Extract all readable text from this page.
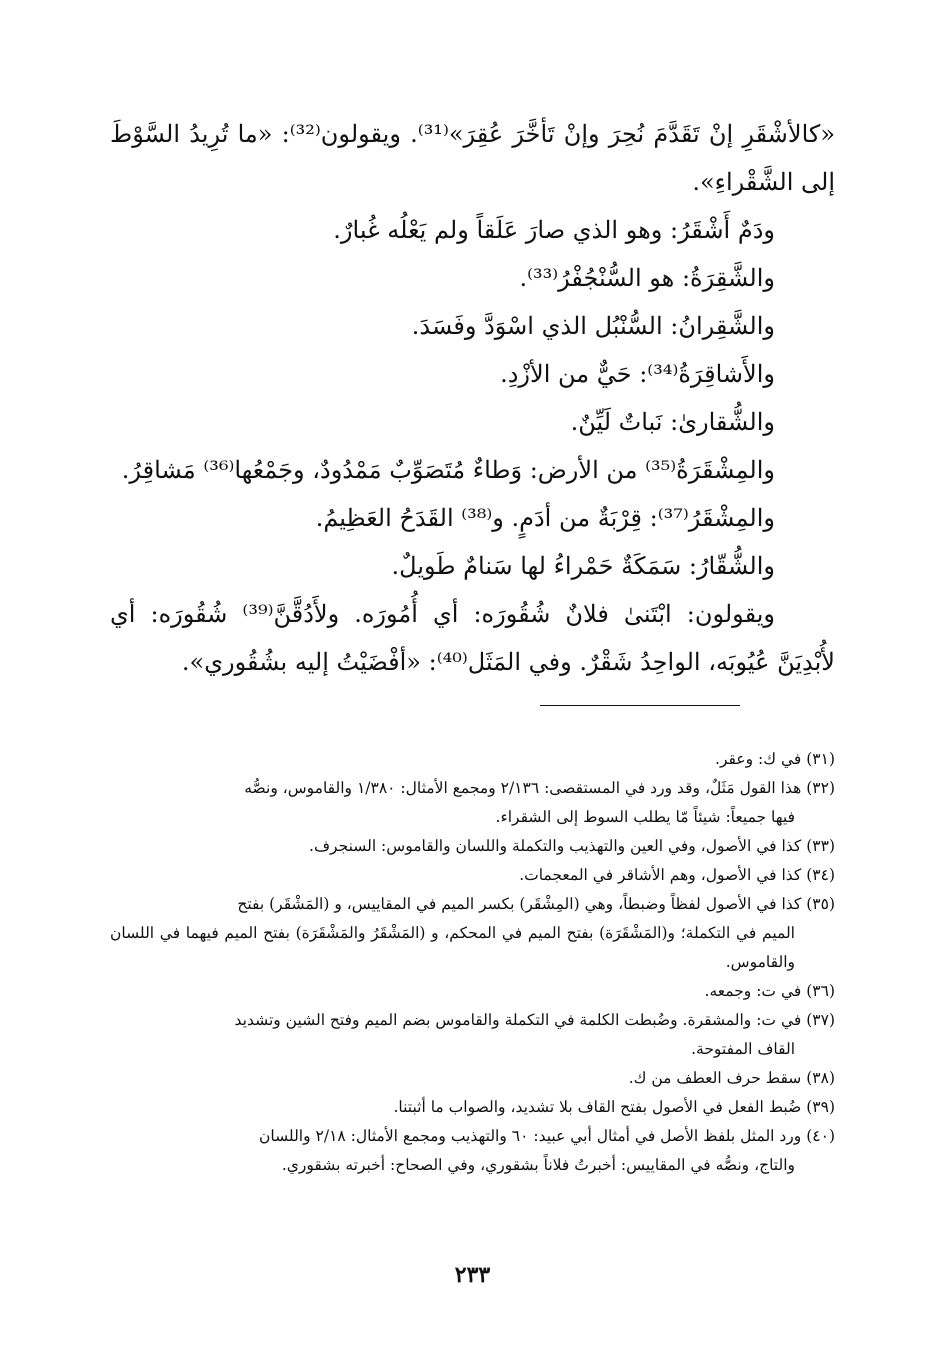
«كالأشْقَرِ إنْ تَقَدَّمَ نُحِرَ وإنْ تَأخَّرَ عُقِرَ»⁽³¹⁾. ويقولون⁽³²⁾: «ما تُرِيدُ السَّوْطَ إلى الشَّقْراءِ».

ودَمٌ أَشْقَرُ: وهو الذي صارَ عَلَقاً ولم يَعْلُه غُبارٌ.
والشَّقِرَةُ: هو السُّنْجُفْرُ⁽³³⁾.
والشَّقِرانُ: السُّنْبُل الذي اسْوَدَّ وفَسَدَ.
والأَشاقِرَةُ⁽³⁴⁾: حَيٌّ من الأزْدِ.
والشُّقارىٰ: نَباتٌ لَيِّنٌ.
والمِشْقَرَةُ⁽³⁵⁾ من الأرض: وَطاءٌ مُتَصَوِّبٌ مَمْدُودٌ، وجَمْعُها⁽³⁶⁾ مَشاقِرُ.
والمِشْقَرُ⁽³⁷⁾: قِرْبَةٌ من أدَمٍ. و⁽³⁸⁾ القَدَحُ العَظِيمُ.
والشُّقّارُ: سَمَكَةٌ حَمْراءُ لها سَنامٌ طَويلٌ.
ويقولون: ابْتَنىٰ فلانٌ شُقُورَه: أي أُمُورَه. ولأَدُقَّنَّ⁽³⁹⁾ شُقُورَه: أي لأُبْدِيَنَّ عُيُوبَه، الواحِدُ شَقْرٌ. وفي المَثَل⁽⁴⁰⁾: «أفْضَيْتُ إليه بشُقُوري».
(٣١) في ك: وعقر.
(٣٢) هذا القول مَثَلٌ، وقد ورد في المستقصى: ٢/١٣٦ ومجمع الأمثال: ١/٣٨٠ والقاموس، ونصُّه
فيها جميعاً: شيئاً مّا يطلب السوط إلى الشقراء.
(٣٣) كذا في الأصول، وفي العين والتهذيب والتكملة واللسان والقاموس: السنجرف.
(٣٤) كذا في الأصول، وهم الأشاقر في المعجمات.
(٣٥) كذا في الأصول لفظاً وضبطاً، وهي (المِشْقَر) بكسر الميم في المقاييس، و (المَشْقَر) بفتح
الميم في التكملة؛ و(المَشْقَرَة) بفتح الميم في المحكم، و (المَشْقَرُ والمَشْقَرَة) بفتح الميم فيهما في اللسان والقاموس.
(٣٦) في ت: وجمعه.
(٣٧) في ت: والمشقرة. وضُبطت الكلمة في التكملة والقاموس بضم الميم وفتح الشين وتشديد
القاف المفتوحة.
(٣٨) سقط حرف العطف من ك.
(٣٩) ضُبط الفعل في الأصول بفتح القاف بلا تشديد، والصواب ما أثبتنا.
(٤٠) ورد المثل بلفظ الأصل في أمثال أبي عبيد: ٦٠ والتهذيب ومجمع الأمثال: ٢/١٨ واللسان
والتاج، ونصُّه في المقاييس: أخبرتُ فلاناً بشقوري، وفي الصحاح: أخبرته بشقوري.
٢٣٣
